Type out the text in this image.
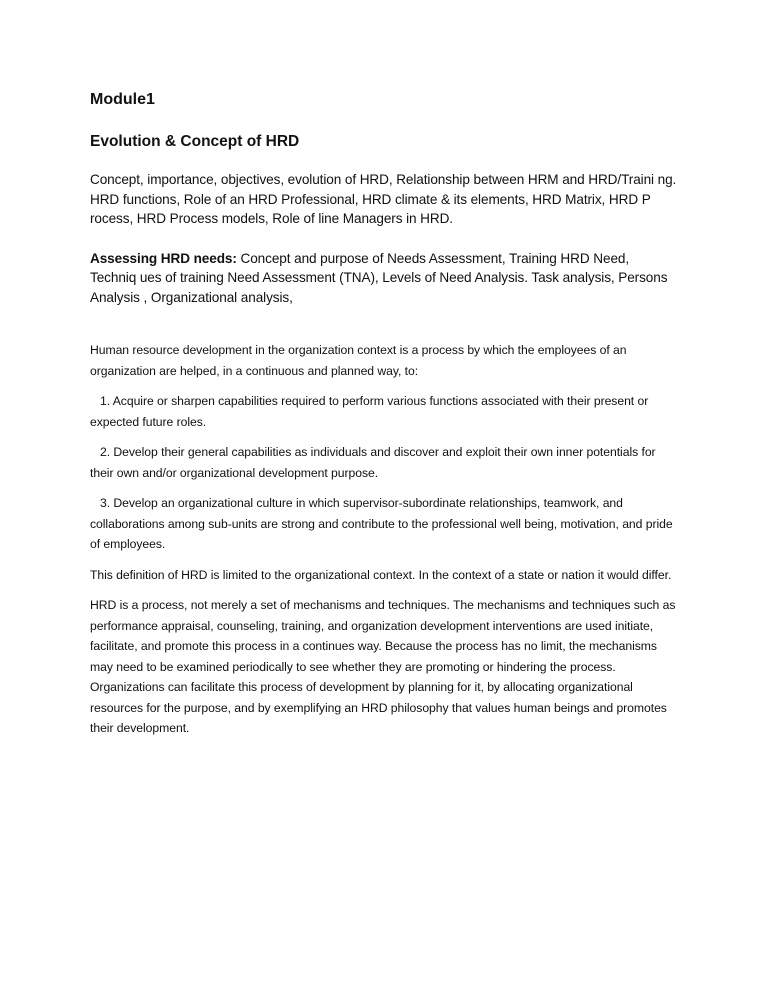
Module1
Evolution & Concept of HRD

Concept, importance, objectives, evolution of HRD, Relationship between HRM and HRD/Traini ng. HRD functions, Role of an HRD Professional, HRD climate & its elements, HRD Matrix, HRD P rocess, HRD Process models, Role of line Managers in HRD.

Assessing HRD needs: Concept and purpose of Needs Assessment, Training HRD Need, Techniq ues of training Need Assessment (TNA), Levels of Need Analysis. Task analysis, Persons Analysis , Organizational analysis,

Human resource development in the organization context is a process by which the employees of an organization are helped, in a continuous and planned way, to:

1. Acquire or sharpen capabilities required to perform various functions associated with their present or expected future roles.

2. Develop their general capabilities as individuals and discover and exploit their own inner potentials for their own and/or organizational development purpose.

3. Develop an organizational culture in which supervisor-subordinate relationships, teamwork, and collaborations among sub-units are strong and contribute to the professional well being, motivation, and pride of employees.

This definition of HRD is limited to the organizational context. In the context of a state or nation it would differ.

HRD is a process, not merely a set of mechanisms and techniques. The mechanisms and techniques such as performance appraisal, counseling, training, and organization development interventions are used initiate, facilitate, and promote this process in a continues way. Because the process has no limit, the mechanisms may need to be examined periodically to see whether they are promoting or hindering the process. Organizations can facilitate this process of development by planning for it, by allocating organizational resources for the purpose, and by exemplifying an HRD philosophy that values human beings and promotes their development.
